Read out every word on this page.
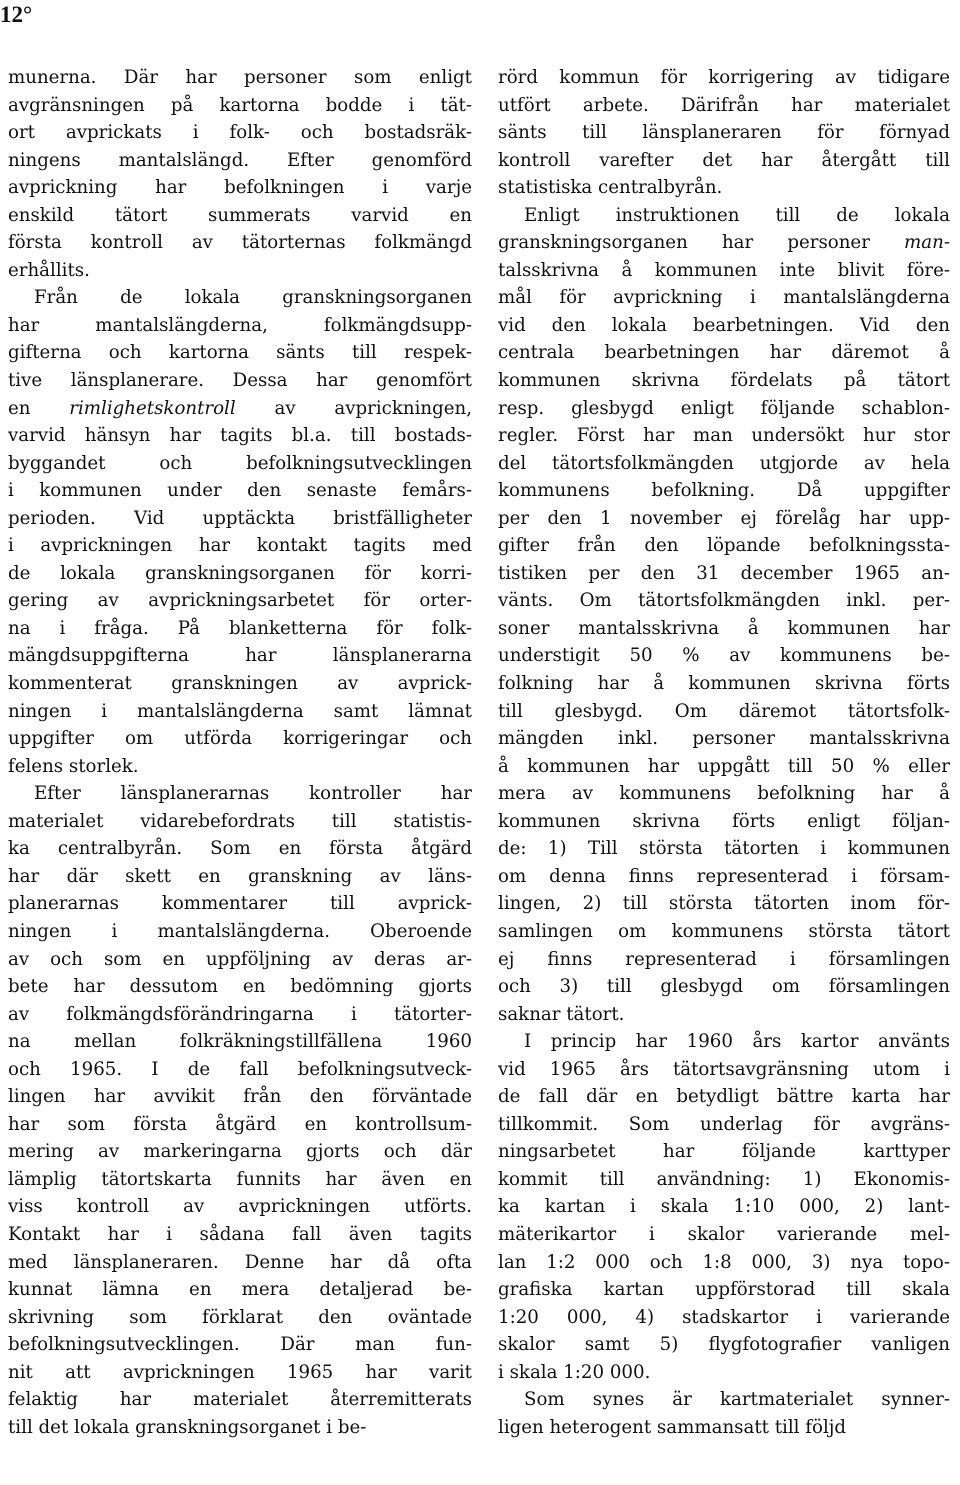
12°
munerna. Där har personer som enligt
avgränsningen på kartorna bodde i tät-
ort avprickats i folk- och bostadsräk-
ningens mantalslängd. Efter genomförd
avprickning har befolkningen i varje
enskild tätort summerats varvid en
första kontroll av tätorternas folkmängd
erhållits.
Från de lokala granskningsorganen
har mantalslängderna, folkmängdsupp-
gifterna och kartorna sänts till respek-
tive länsplanerare. Dessa har genomfört
en rimlighetskontroll av avprickningen,
varvid hänsyn har tagits bl.a. till bostads-
byggandet och befolkningsutvecklingen
i kommunen under den senaste femårs-
perioden. Vid upptäckta bristfälligheter
i avprickningen har kontakt tagits med
de lokala granskningsorganen för korri-
gering av avprickningsarbetet för orter-
na i fråga. På blanketterna för folk-
mängdsuppgifterna har länsplanerarna
kommenterat granskningen av avprick-
ningen i mantalslängderna samt lämnat
uppgifter om utförda korrigeringar och
felens storlek.
Efter länsplanerarnas kontroller har
materialet vidarebefordrats till statistis-
ka centralbyrån. Som en första åtgärd
har där skett en granskning av läns-
planerarnas kommentarer till avprick-
ningen i mantalslängderna. Oberoende
av och som en uppföljning av deras ar-
bete har dessutom en bedömning gjorts
av folkmängdsförändringarna i tätorter-
na mellan folkräkningstillfällena 1960
och 1965. I de fall befolkningsutveck-
lingen har avvikit från den förväntade
har som första åtgärd en kontrollsum-
mering av markeringarna gjorts och där
lämplig tätortskarta funnits har även en
viss kontroll av avprickningen utförts.
Kontakt har i sådana fall även tagits
med länsplaneraren. Denne har då ofta
kunnat lämna en mera detaljerad be-
skrivning som förklarat den oväntade
befolkningsutvecklingen. Där man fun-
nit att avprickningen 1965 har varit
felaktig har materialet återremitterats
till det lokala granskningsorganet i be-
rörd kommun för korrigering av tidigare
utfört arbete. Därifrån har materialet
sänts till länsplaneraren för förnyad
kontroll varefter det har återgått till
statistiska centralbyrån.
Enligt instruktionen till de lokala
granskningsorganen har personer man-
talsskrivna å kommunen inte blivit före-
mål för avprickning i mantalslängderna
vid den lokala bearbetningen. Vid den
centrala bearbetningen har däremot å
kommunen skrivna fördelats på tätort
resp. glesbygd enligt följande schablon-
regler. Först har man undersökt hur stor
del tätortsfolkmängden utgjorde av hela
kommunens befolkning. Då uppgifter
per den 1 november ej förelåg har upp-
gifter från den löpande befolkningssta-
tistiken per den 31 december 1965 an-
vänts. Om tätortsfolkmängden inkl. per-
soner mantalsskrivna å kommunen har
understigit 50 % av kommunens be-
folkning har å kommunen skrivna förts
till glesbygd. Om däremot tätortsfolk-
mängden inkl. personer mantalsskrivna
å kommunen har uppgått till 50 % eller
mera av kommunens befolkning har å
kommunen skrivna förts enligt följan-
de: 1) Till största tätorten i kommunen
om denna finns representerad i försam-
lingen, 2) till största tätorten inom för-
samlingen om kommunens största tätort
ej finns representerad i församlingen
och 3) till glesbygd om församlingen
saknar tätort.
I princip har 1960 års kartor använts
vid 1965 års tätortsavgränsning utom i
de fall där en betydligt bättre karta har
tillkommit. Som underlag för avgräns-
ningsarbetet har följande karttyper
kommit till användning: 1) Ekonomis-
ka kartan i skala 1:10 000, 2) lant-
mäterikartor i skalor varierande mel-
lan 1:2 000 och 1:8 000, 3) nya topo-
grafiska kartan uppförstorad till skala
1:20 000, 4) stadskartor i varierande
skalor samt 5) flygfotografier vanligen
i skala 1:20 000.
Som synes är kartmaterialet synner-
ligen heterogent sammansatt till följd
